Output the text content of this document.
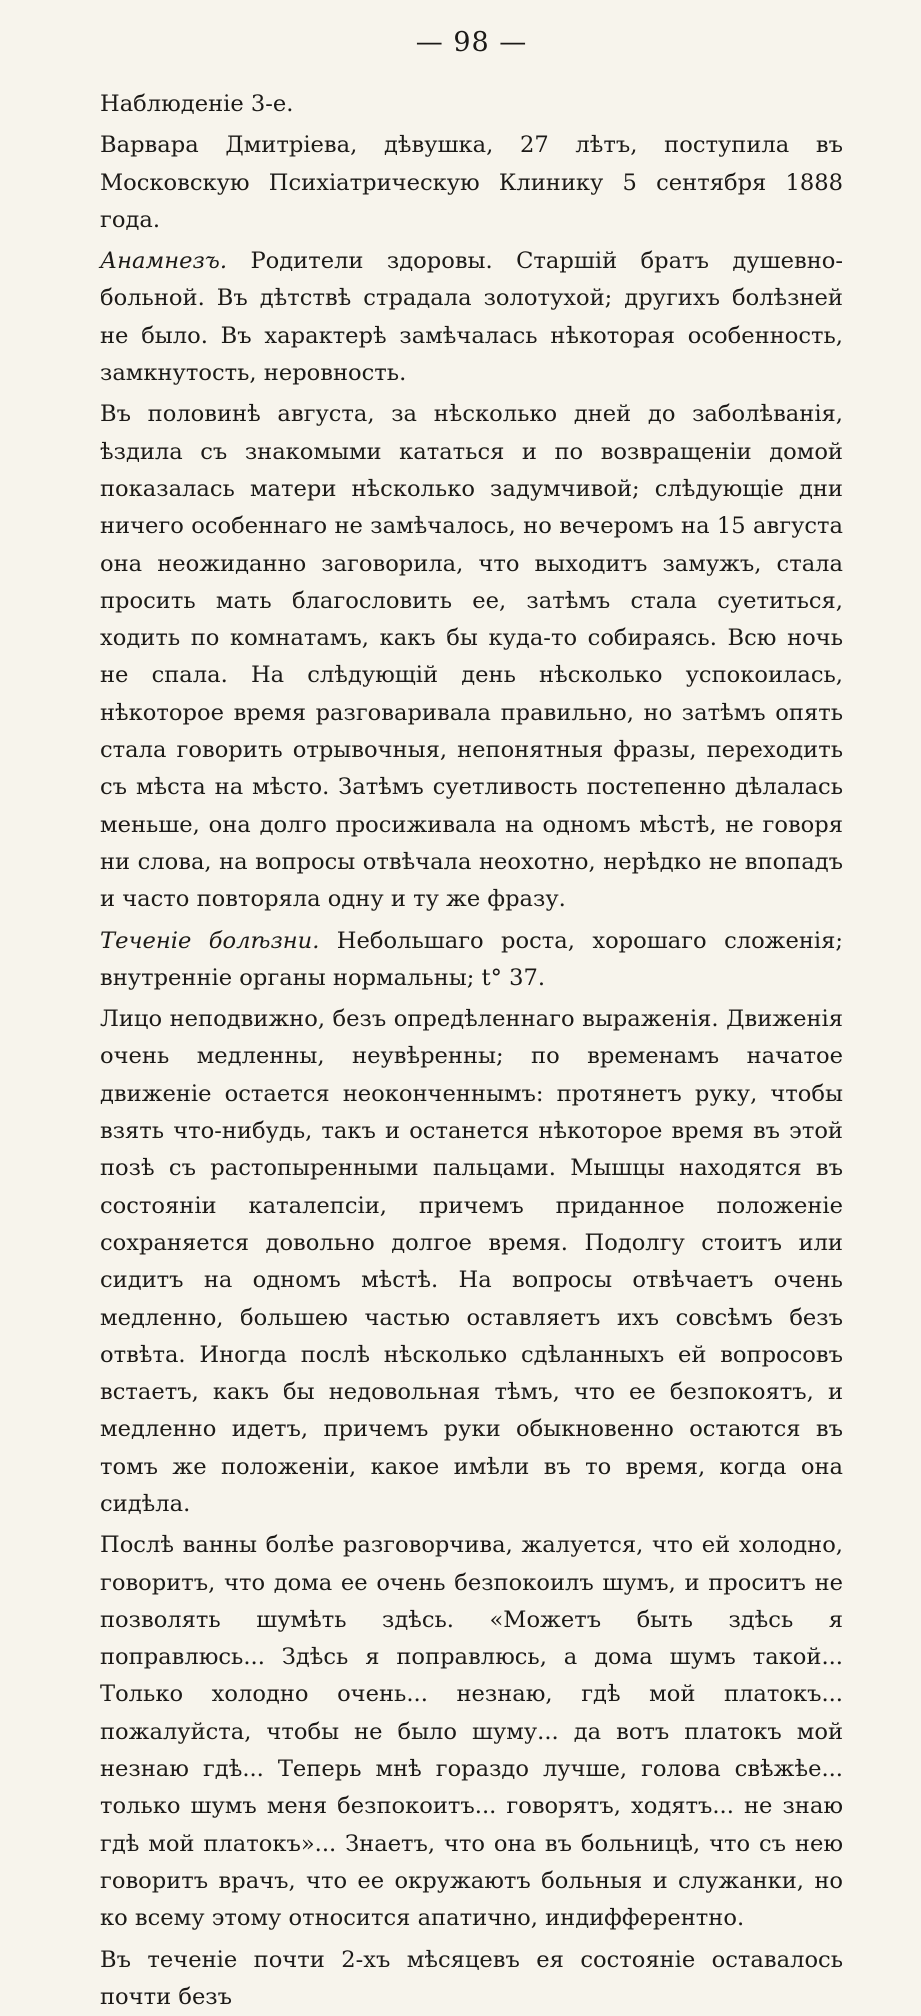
— 98 —

Наблюденіе 3-е.

Варвара Дмитріева, дѣвушка, 27 лѣтъ, поступила въ Московскую Психіатрическую Клинику 5 сентября 1888 года.

Анамнезъ. Родители здоровы. Старшій братъ душевно-больной. Въ дѣтствѣ страдала золотухой; другихъ болѣзней не было. Въ характерѣ замѣчалась нѣкоторая особенность, замкнутость, неровность.

Въ половинѣ августа, за нѣсколько дней до заболѣванія, ѣздила съ знакомыми кататься и по возвращеніи домой показалась матери нѣсколько задумчивой; слѣдующіе дни ничего особеннаго не замѣчалось, но вечеромъ на 15 августа она неожиданно заговорила, что выходитъ замужъ, стала просить мать благословить ее, затѣмъ стала суетиться, ходить по комнатамъ, какъ бы куда-то собираясь. Всю ночь не спала. На слѣдующій день нѣсколько успокоилась, нѣкоторое время разговаривала правильно, но затѣмъ опять стала говорить отрывочныя, непонятныя фразы, переходить съ мѣста на мѣсто. Затѣмъ суетливость постепенно дѣлалась меньше, она долго просиживала на одномъ мѣстѣ, не говоря ни слова, на вопросы отвѣчала неохотно, нерѣдко не впопадъ и часто повторяла одну и ту же фразу.

Теченіе болѣзни. Небольшаго роста, хорошаго сложенія; внутренніе органы нормальны; t° 37.

Лицо неподвижно, безъ опредѣленнаго выраженія. Движенія очень медленны, неувѣренны; по временамъ начатое движеніе остается неоконченнымъ: протянетъ руку, чтобы взять что-нибудь, такъ и останется нѣкоторое время въ этой позѣ съ растопыренными пальцами. Мышцы находятся въ состояніи каталепсіи, причемъ приданное положеніе сохраняется довольно долгое время. Подолгу стоитъ или сидитъ на одномъ мѣстѣ. На вопросы отвѣчаетъ очень медленно, большею частью оставляетъ ихъ совсѣмъ безъ отвѣта. Иногда послѣ нѣсколько сдѣланныхъ ей вопросовъ встаетъ, какъ бы недовольная тѣмъ, что ее безпокоятъ, и медленно идетъ, причемъ руки обыкновенно остаются въ томъ же положеніи, какое имѣли въ то время, когда она сидѣла.

Послѣ ванны болѣе разговорчива, жалуется, что ей холодно, говоритъ, что дома ее очень безпокоилъ шумъ, и проситъ не позволять шумѣть здѣсь. «Можетъ быть здѣсь я поправлюсь... Здѣсь я поправлюсь, а дома шумъ такой... Только холодно очень... незнаю, гдѣ мой платокъ... пожалуйста, чтобы не было шуму... да вотъ платокъ мой незнаю гдѣ... Теперь мнѣ гораздо лучше, голова свѣжѣе... только шумъ меня безпокоитъ... говорятъ, ходятъ... не знаю гдѣ мой платокъ»... Знаетъ, что она въ больницѣ, что съ нею говоритъ врачъ, что ее окружаютъ больныя и служанки, но ко всему этому относится апатично, индифферентно.

Въ теченіе почти 2-хъ мѣсяцевъ ея состояніе оставалось почти безъ
